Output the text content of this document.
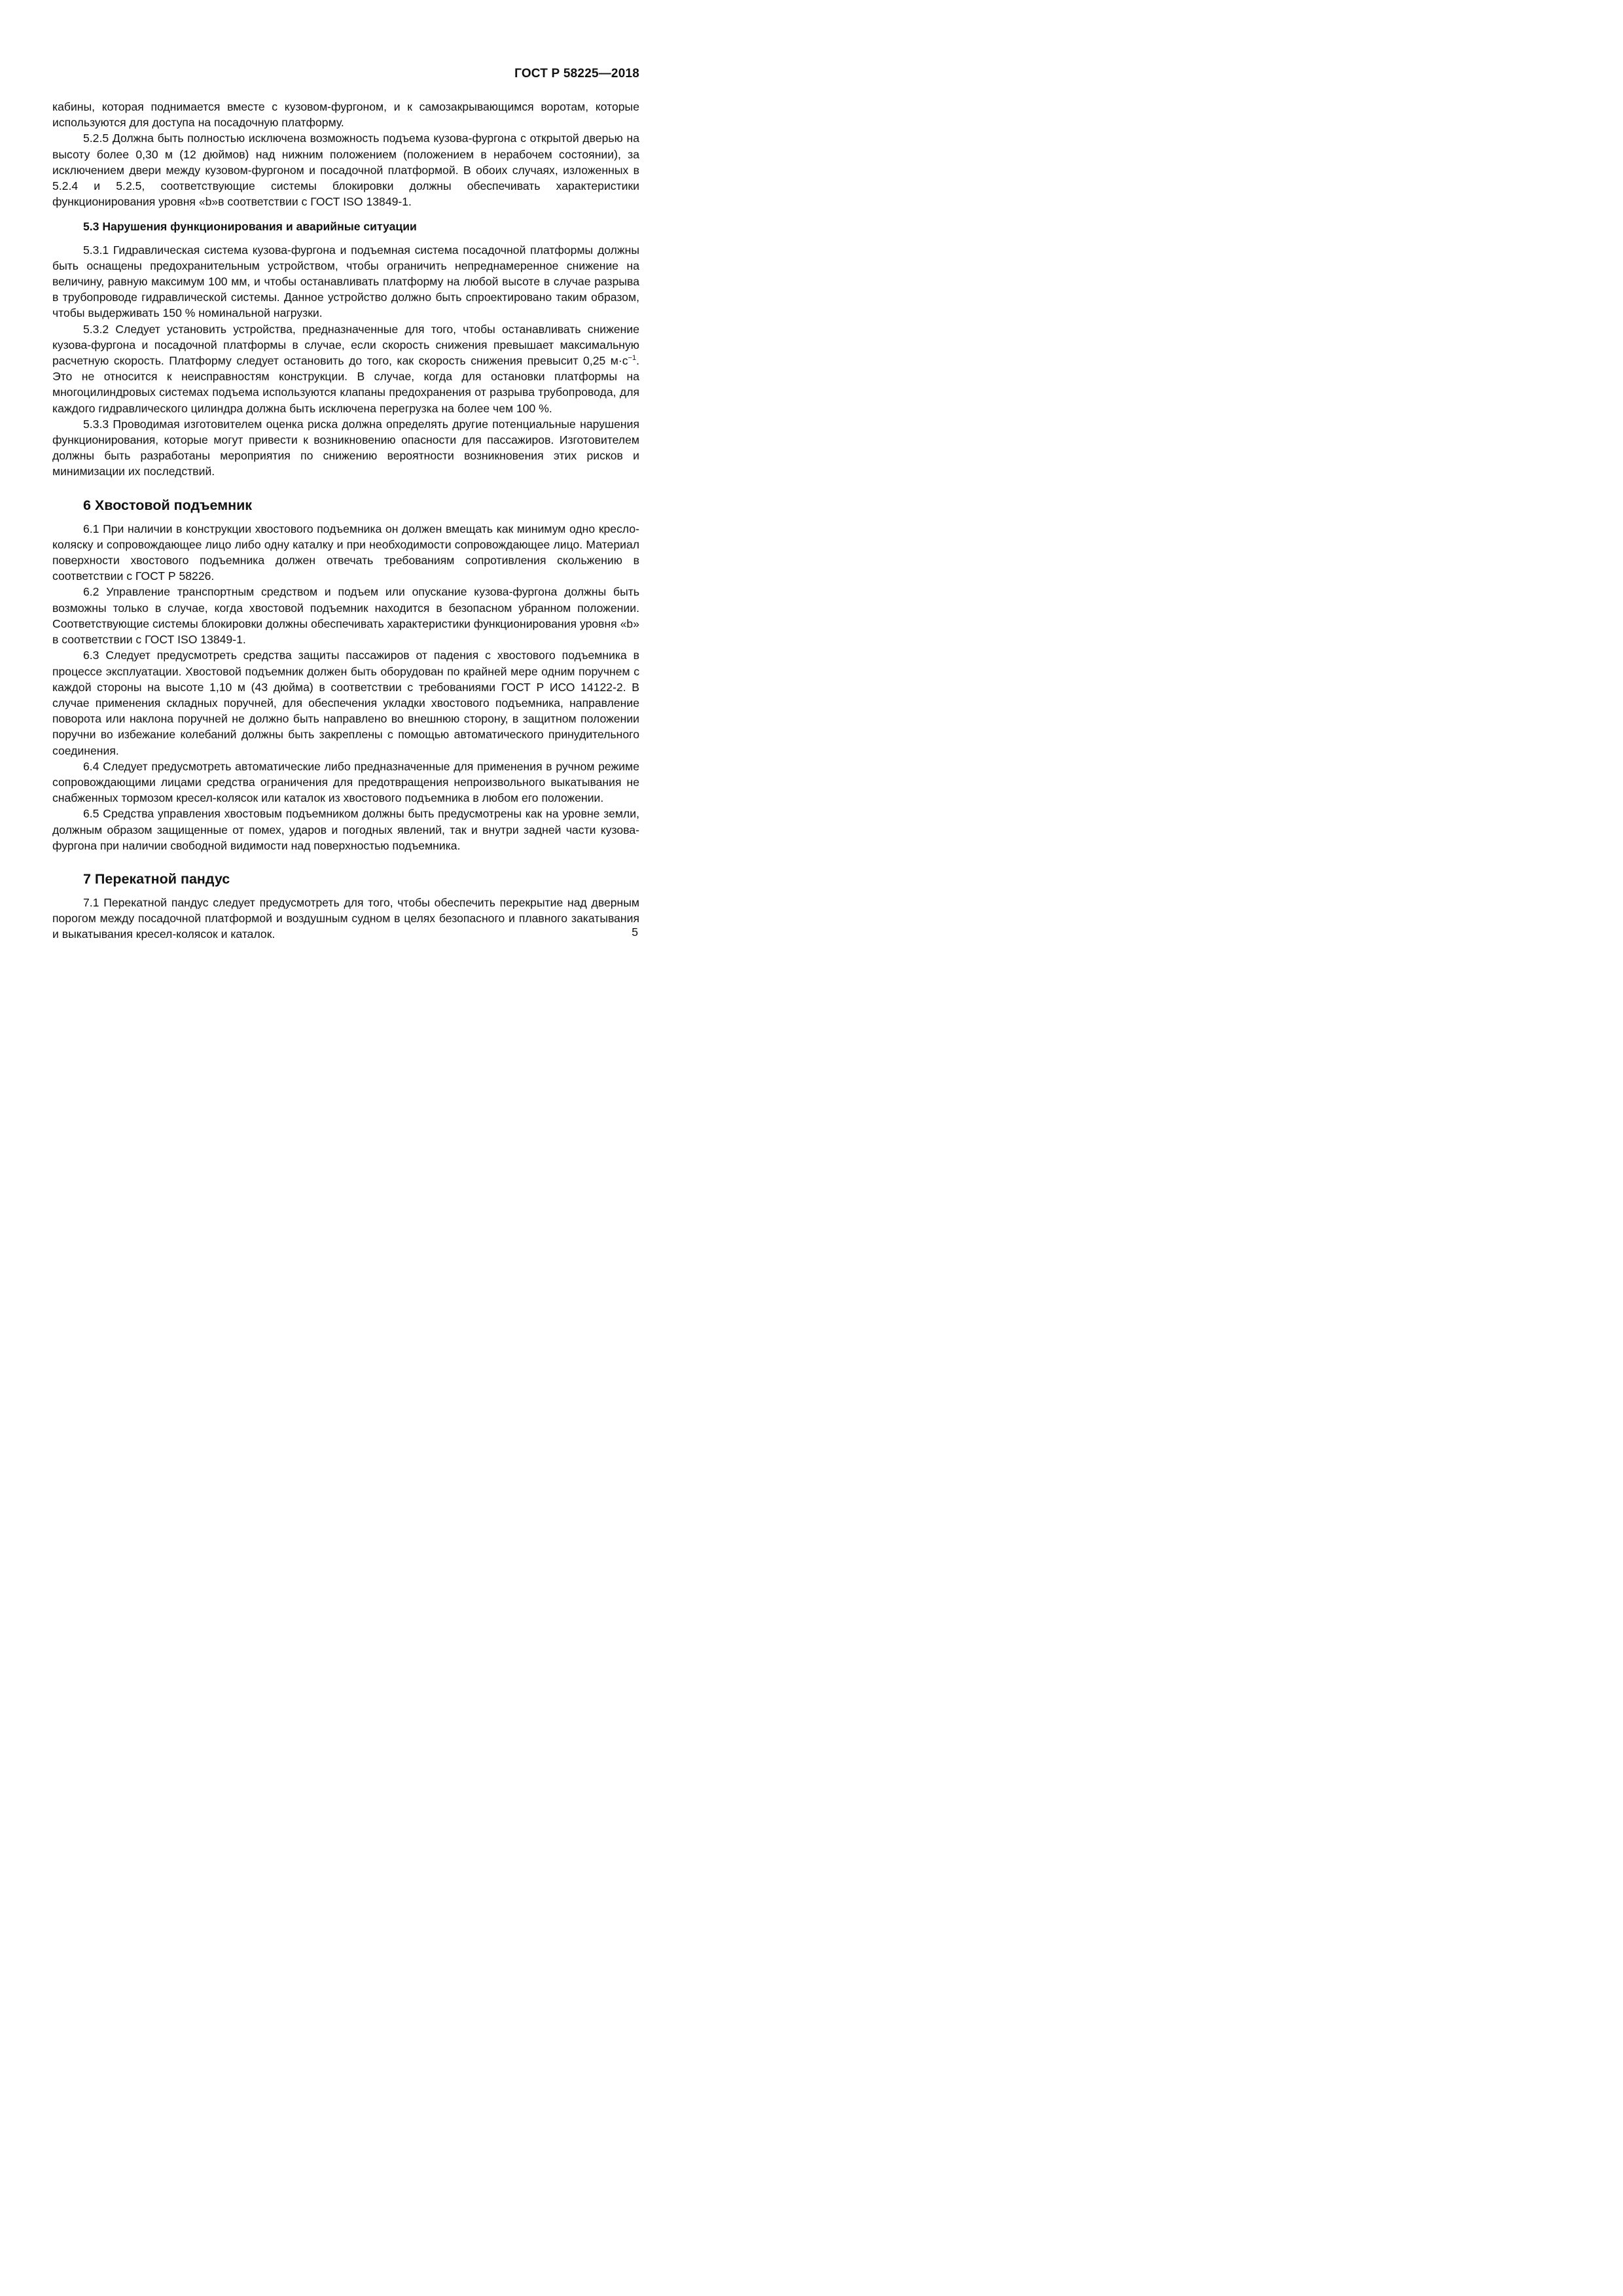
ГОСТ Р 58225—2018

кабины, которая поднимается вместе с кузовом-фургоном, и к самозакрывающимся воротам, которые используются для доступа на посадочную платформу.

5.2.5 Должна быть полностью исключена возможность подъема кузова-фургона с открытой дверью на высоту более 0,30 м (12 дюймов) над нижним положением (положением в нерабочем состоянии), за исключением двери между кузовом-фургоном и посадочной платформой. В обоих случаях, изложенных в 5.2.4 и 5.2.5, соответствующие системы блокировки должны обеспечивать характеристики функционирования уровня «b»в соответствии с ГОСТ ISO 13849-1.

5.3 Нарушения функционирования и аварийные ситуации

5.3.1 Гидравлическая система кузова-фургона и подъемная система посадочной платформы должны быть оснащены предохранительным устройством, чтобы ограничить непреднамеренное снижение на величину, равную максимум 100 мм, и чтобы останавливать платформу на любой высоте в случае разрыва в трубопроводе гидравлической системы. Данное устройство должно быть спроектировано таким образом, чтобы выдерживать 150 % номинальной нагрузки.

5.3.2 Следует установить устройства, предназначенные для того, чтобы останавливать снижение кузова-фургона и посадочной платформы в случае, если скорость снижения превышает максимальную расчетную скорость. Платформу следует остановить до того, как скорость снижения превысит 0,25 $м\cdot с^{-1}$. Это не относится к неисправностям конструкции. В случае, когда для остановки платформы на многоцилиндровых системах подъема используются клапаны предохранения от разрыва трубопровода, для каждого гидравлического цилиндра должна быть исключена перегрузка на более чем 100 %.

5.3.3 Проводимая изготовителем оценка риска должна определять другие потенциальные нарушения функционирования, которые могут привести к возникновению опасности для пассажиров. Изготовителем должны быть разработаны мероприятия по снижению вероятности возникновения этих рисков и минимизации их последствий.

6 Хвостовой подъемник

6.1 При наличии в конструкции хвостового подъемника он должен вмещать как минимум одно кресло-коляску и сопровождающее лицо либо одну каталку и при необходимости сопровождающее лицо. Материал поверхности хвостового подъемника должен отвечать требованиям сопротивления скольжению в соответствии с ГОСТ Р 58226.

6.2 Управление транспортным средством и подъем или опускание кузова-фургона должны быть возможны только в случае, когда хвостовой подъемник находится в безопасном убранном положении. Соответствующие системы блокировки должны обеспечивать характеристики функционирования уровня «b» в соответствии с ГОСТ ISO 13849-1.

6.3 Следует предусмотреть средства защиты пассажиров от падения с хвостового подъемника в процессе эксплуатации. Хвостовой подъемник должен быть оборудован по крайней мере одним поручнем с каждой стороны на высоте 1,10 м (43 дюйма) в соответствии с требованиями ГОСТ Р ИСО 14122-2. В случае применения складных поручней, для обеспечения укладки хвостового подъемника, направление поворота или наклона поручней не должно быть направлено во внешнюю сторону, в защитном положении поручни во избежание колебаний должны быть закреплены с помощью автоматического принудительного соединения.

6.4 Следует предусмотреть автоматические либо предназначенные для применения в ручном режиме сопровождающими лицами средства ограничения для предотвращения непроизвольного выкатывания не снабженных тормозом кресел-колясок или каталок из хвостового подъемника в любом его положении.

6.5 Средства управления хвостовым подъемником должны быть предусмотрены как на уровне земли, должным образом защищенные от помех, ударов и погодных явлений, так и внутри задней части кузова-фургона при наличии свободной видимости над поверхностью подъемника.

7 Перекатной пандус

7.1 Перекатной пандус следует предусмотреть для того, чтобы обеспечить перекрытие над дверным порогом между посадочной платформой и воздушным судном в целях безопасного и плавного закатывания и выкатывания кресел-колясок и каталок.	5
